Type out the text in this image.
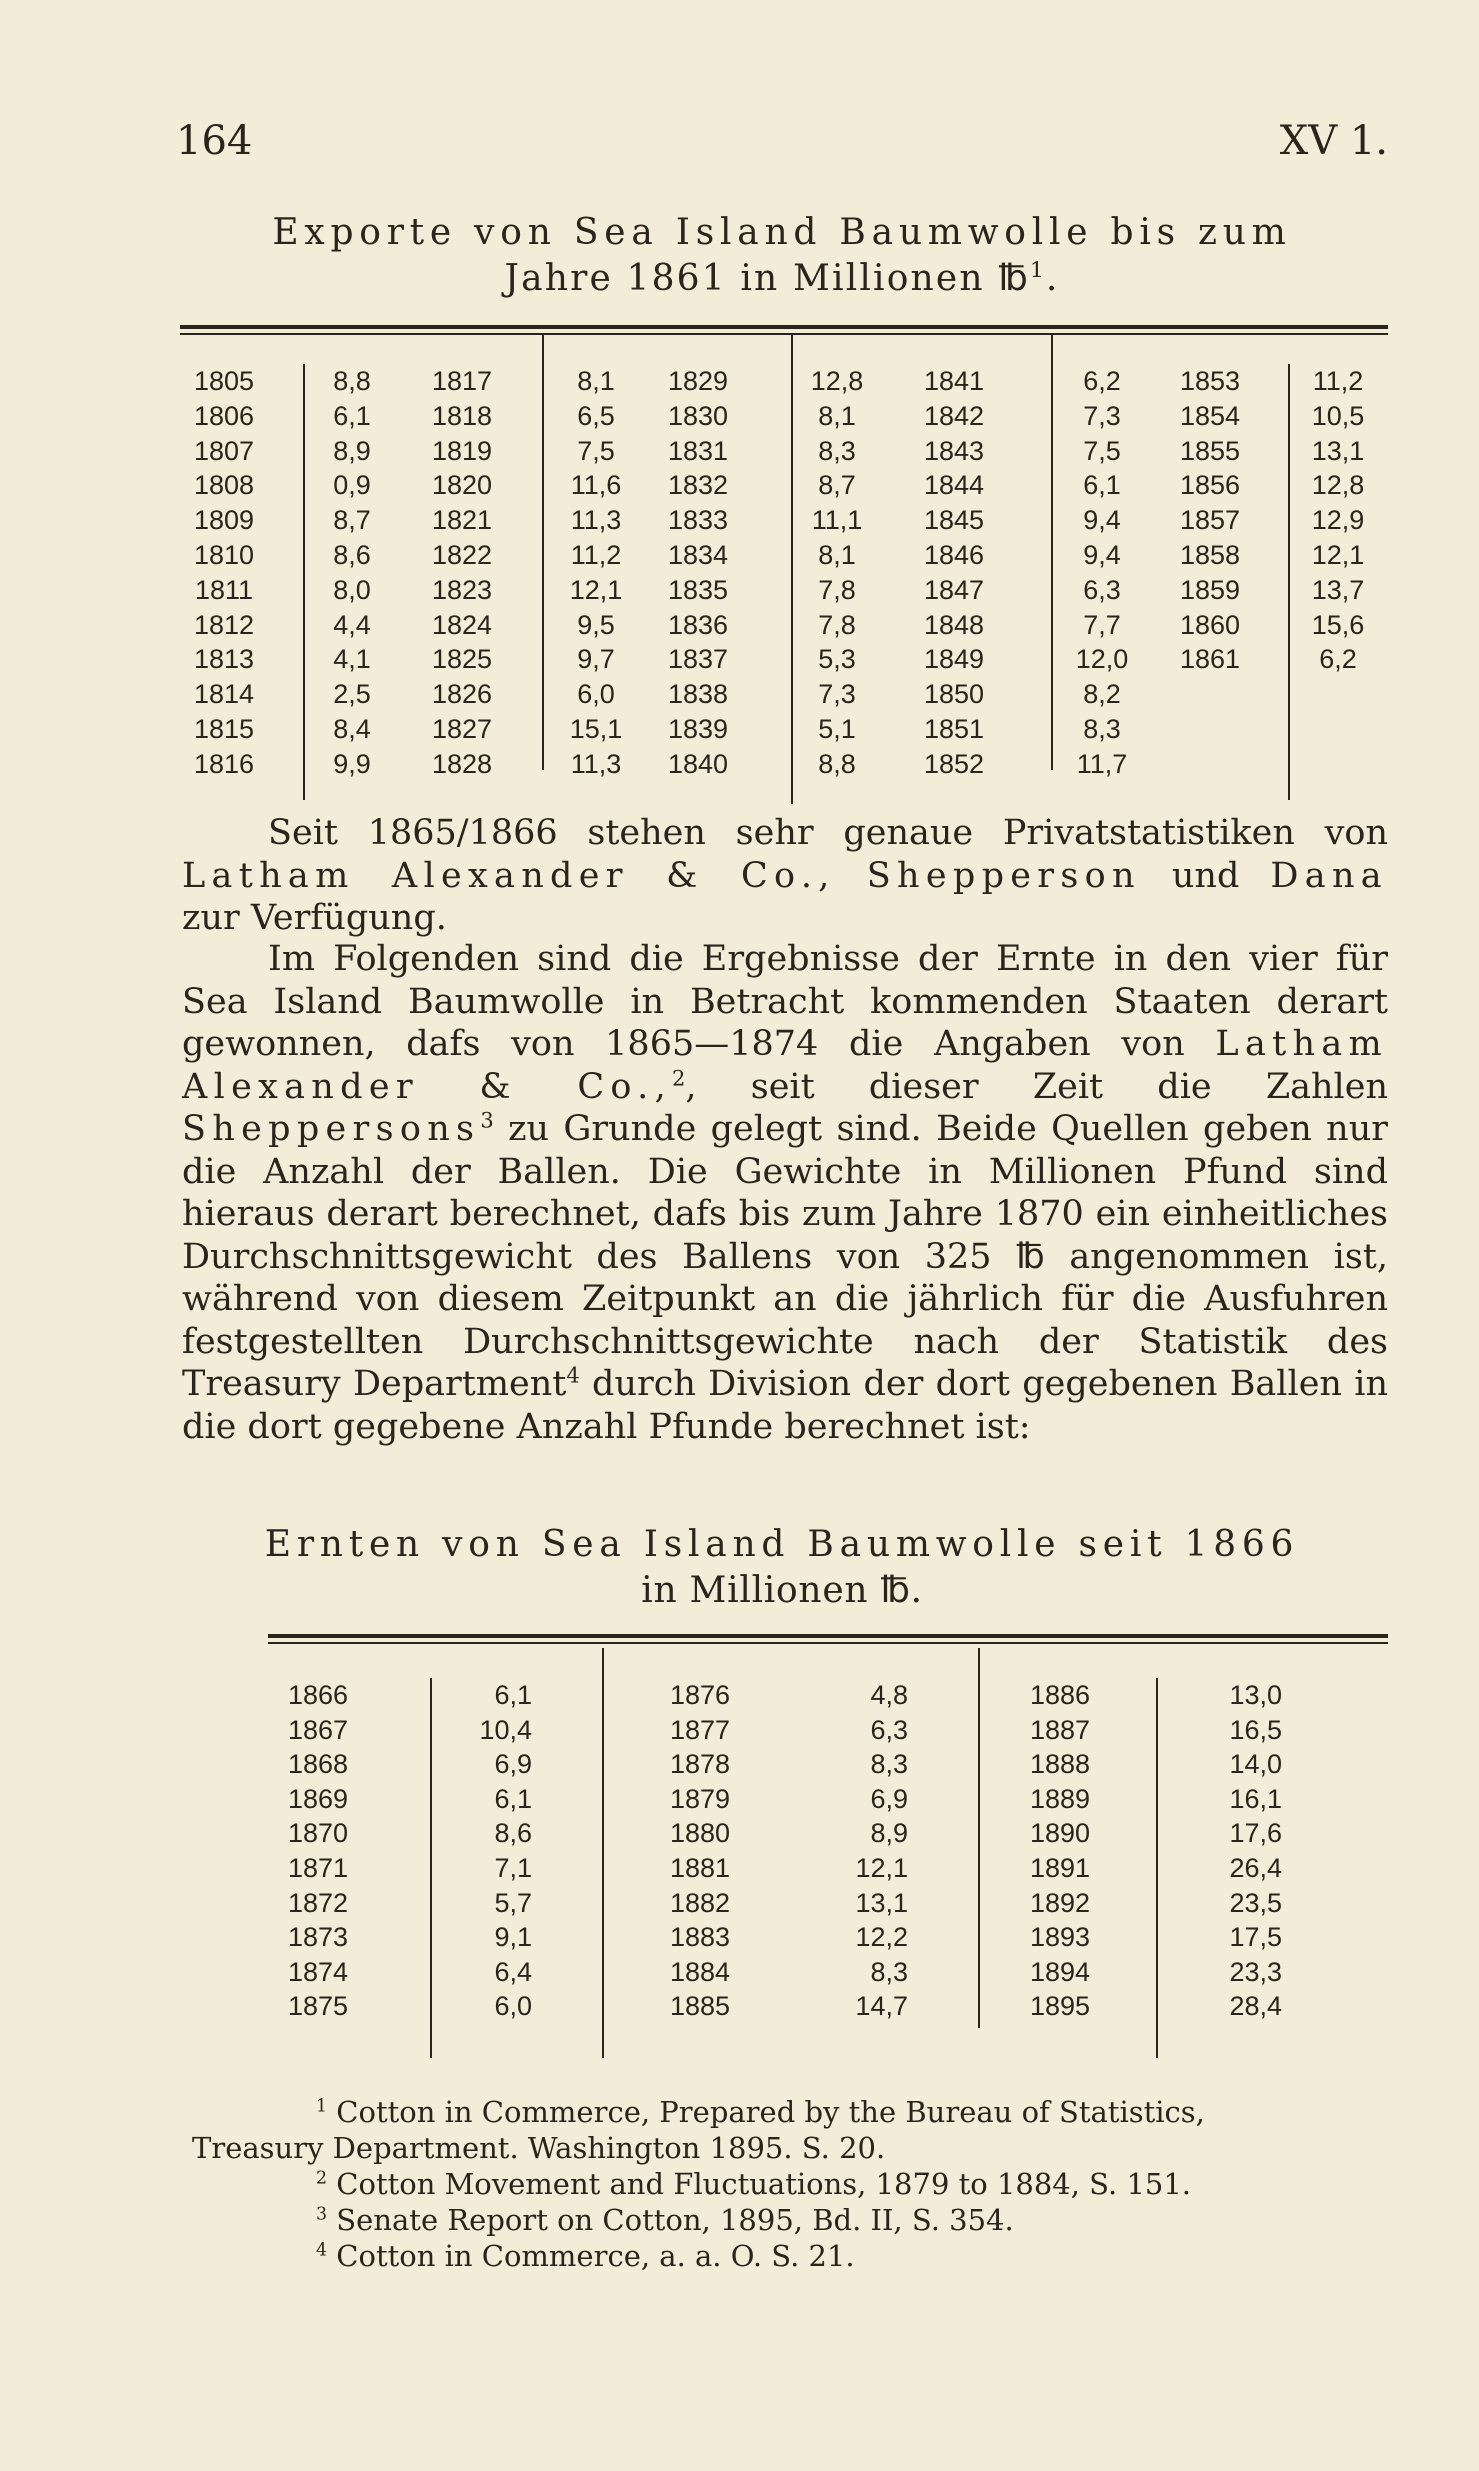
164	XV 1.
Exporte von Sea Island Baumwolle bis zum
Jahre 1861 in Millionen ℔$^1$.
1805
1806
1807
1808
1809
1810
1811
1812
1813
1814
1815
1816
8,8
6,1
8,9
0,9
8,7
8,6
8,0
4,4
4,1
2,5
8,4
9,9
1817
1818
1819
1820
1821
1822
1823
1824
1825
1826
1827
1828
8,1
6,5
7,5
11,6
11,3
11,2
12,1
9,5
9,7
6,0
15,1
11,3
1829
1830
1831
1832
1833
1834
1835
1836
1837
1838
1839
1840
12,8
8,1
8,3
8,7
11,1
8,1
7,8
7,8
5,3
7,3
5,1
8,8
1841
1842
1843
1844
1845
1846
1847
1848
1849
1850
1851
1852
6,2
7,3
7,5
6,1
9,4
9,4
6,3
7,7
12,0
8,2
8,3
11,7
1853
1854
1855
1856
1857
1858
1859
1860
1861
11,2
10,5
13,1
12,8
12,9
12,1
13,7
15,6
6,2

Seit 1865/1866 stehen sehr genaue Privatstatistiken von

Latham Alexander & Co., Shepperson und Dana

zur Verfügung.

Im Folgenden sind die Ergebnisse der Ernte in den vier für Sea Island Baumwolle in Betracht kommenden Staaten derart gewonnen, dafs von 1865—1874 die Angaben von Latham Alexander & Co.,$^2$, seit dieser Zeit die Zahlen Sheppersons$^3$ zu Grunde gelegt sind. Beide Quellen geben nur die Anzahl der Ballen. Die Gewichte in Millionen Pfund sind hieraus derart berechnet, dafs bis zum Jahre 1870 ein einheitliches Durchschnittsgewicht des Ballens von 325 ℔ angenommen ist, während von diesem Zeitpunkt an die jährlich für die Ausfuhren festgestellten Durchschnittsgewichte nach der Statistik des Treasury Department$^4$ durch Division der dort gegebenen Ballen in die dort gegebene Anzahl Pfunde berechnet ist:

Ernten von Sea Island Baumwolle seit 1866
in Millionen ℔.
1866
1867
1868
1869
1870
1871
1872
1873
1874
1875
6,1
10,4
6,9
6,1
8,6
7,1
5,7
9,1
6,4
6,0
1876
1877
1878
1879
1880
1881
1882
1883
1884
1885
4,8
6,3
8,3
6,9
8,9
12,1
13,1
12,2
8,3
14,7
1886
1887
1888
1889
1890
1891
1892
1893
1894
1895
13,0
16,5
14,0
16,1
17,6
26,4
23,5
17,5
23,3
28,4
$^1$ Cotton in Commerce, Prepared by the Bureau of Statistics,
Treasury Department. Washington 1895. S. 20.
$^2$ Cotton Movement and Fluctuations, 1879 to 1884, S. 151.
$^3$ Senate Report on Cotton, 1895, Bd. II, S. 354.
$^4$ Cotton in Commerce, a. a. O. S. 21.
